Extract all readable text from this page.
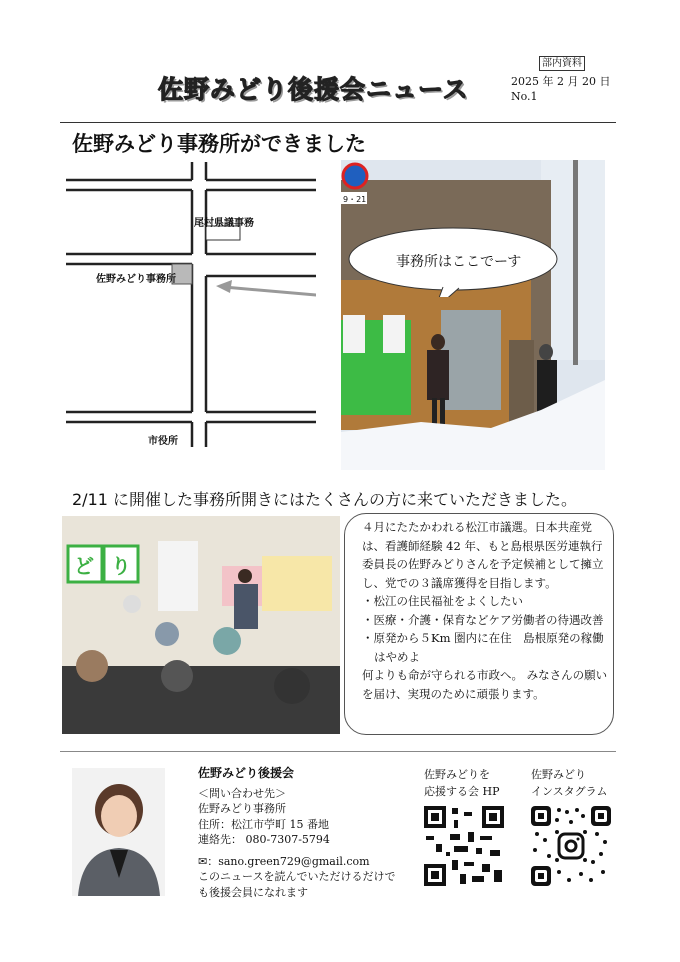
佐野みどり後援会ニュース
部内資料
2025 年 2 月 20 日
No.1
佐野みどり事務所ができました
尾村県議事務
佐野みどり事務所
市役所
9・21
事務所はここでーす
2/11 に開催した事務所開きにはたくさんの方に来ていただきました。
ど り

４月にたたかわれる松江市議選。日本共産党は、看護師経験 42 年、もと島根県医労連執行委員長の佐野みどりさんを予定候補として擁立し、党での３議席獲得を目指します。

・松江の住民福祉をよくしたい

・医療・介護・保育などケア労働者の待遇改善

・原発から５Km 圏内に在住　島根原発の稼働はやめよ

何よりも命が守られる市政へ。 みなさんの願いを届け、実現のために頑張ります。

佐野みどり後援会

＜問い合わせ先＞

佐野みどり事務所

住所：松江市苧町 15 番地

連絡先： 080-7307-5794

✉：sano.green729@gmail.com

このニュースを読んでいただけるだけで

も後援会員になれます

佐野みどりを
応援する会 HP
佐野みどり
インスタグラム
